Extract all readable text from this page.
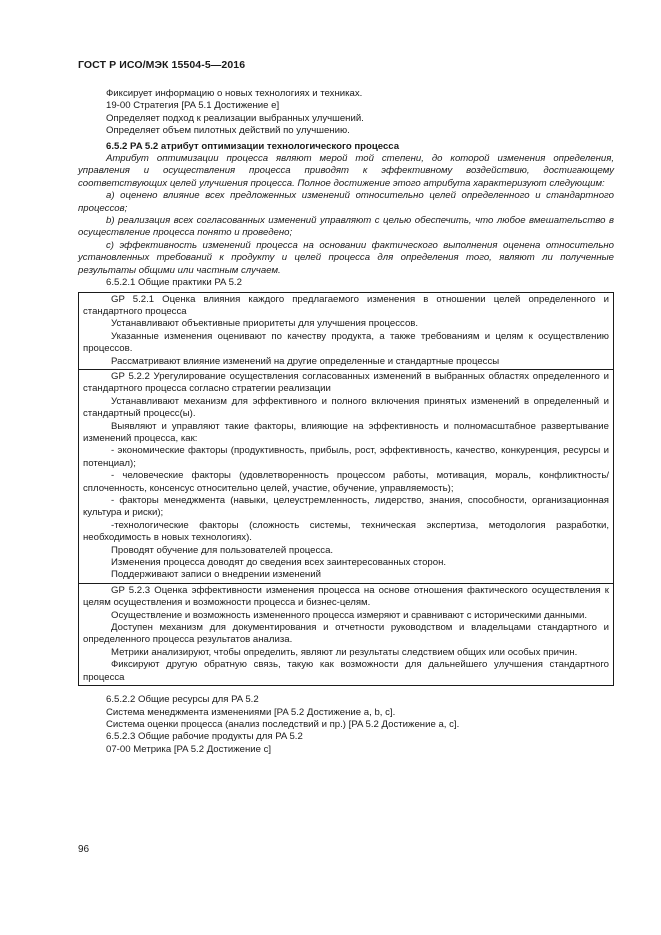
ГОСТ Р ИСО/МЭК 15504-5—2016

Фиксирует информацию о новых технологиях и техниках.

19-00 Стратегия [PA 5.1 Достижение e]

Определяет подход к реализации выбранных улучшений.

Определяет объем пилотных действий по улучшению.

6.5.2 PA 5.2 атрибут оптимизации технологического процесса

Атрибут оптимизации процесса являют мерой той степени, до которой изменения определения, управления и осуществления процесса приводят к эффективному воздействию, достигающему соответствующих целей улучшения процесса. Полное достижение этого атрибута характеризуют следующим:

a) оценено влияние всех предложенных изменений относительно целей определенного и стандартного процессов;

b) реализация всех согласованных изменений управляют с целью обеспечить, что любое вмешательство в осуществление процесса понято и проведено;

c) эффективность изменений процесса на основании фактического выполнения оценена относительно установленных требований к продукту и целей процесса для определения того, являют ли полученные результаты общими или частным случаем.

6.5.2.1 Общие практики PA 5.2

GP 5.2.1 Оценка влияния каждого предлагаемого изменения в отношении целей определенного и стандартного процесса

Устанавливают объективные приоритеты для улучшения процессов.

Указанные изменения оценивают по качеству продукта, а также требованиям и целям к осуществлению процессов.

Рассматривают влияние изменений на другие определенные и стандартные процессы

GP 5.2.2 Урегулирование осуществления согласованных изменений в выбранных областях определенного и стандартного процесса согласно стратегии реализации

Устанавливают механизм для эффективного и полного включения принятых изменений в определенный и стандартный процесс(ы).

Выявляют и управляют такие факторы, влияющие на эффективность и полномасштабное развертывание изменений процесса, как:

- экономические факторы (продуктивность, прибыль, рост, эффективность, качество, конкуренция, ресурсы и потенциал);

- человеческие факторы (удовлетворенность процессом работы, мотивация, мораль, конфликтность/сплоченность, консенсус относительно целей, участие, обучение, управляемость);

- факторы менеджмента (навыки, целеустремленность, лидерство, знания, способности, организационная культура и риски);

-технологические факторы (сложность системы, техническая экспертиза, методология разработки, необходимость в новых технологиях).

Проводят обучение для пользователей процесса.

Изменения процесса доводят до сведения всех заинтересованных сторон.

Поддерживают записи о внедрении изменений

GP 5.2.3 Оценка эффективности изменения процесса на основе отношения фактического осуществления к целям осуществления и возможности процесса и бизнес-целям.

Осуществление и возможность измененного процесса измеряют и сравнивают с историческими данными.

Доступен механизм для документирования и отчетности руководством и владельцами стандартного и определенного процесса результатов анализа.

Метрики анализируют, чтобы определить, являют ли результаты следствием общих или особых причин.

Фиксируют другую обратную связь, такую как возможности для дальнейшего улучшения стандартного процесса

6.5.2.2 Общие ресурсы для PA 5.2

Система менеджмента изменениями [PA 5.2 Достижение a, b, c].

Система оценки процесса (анализ последствий и пр.) [PA 5.2 Достижение a, c].

6.5.2.3 Общие рабочие продукты для PA 5.2

07-00 Метрика [PA 5.2 Достижение c]

96
